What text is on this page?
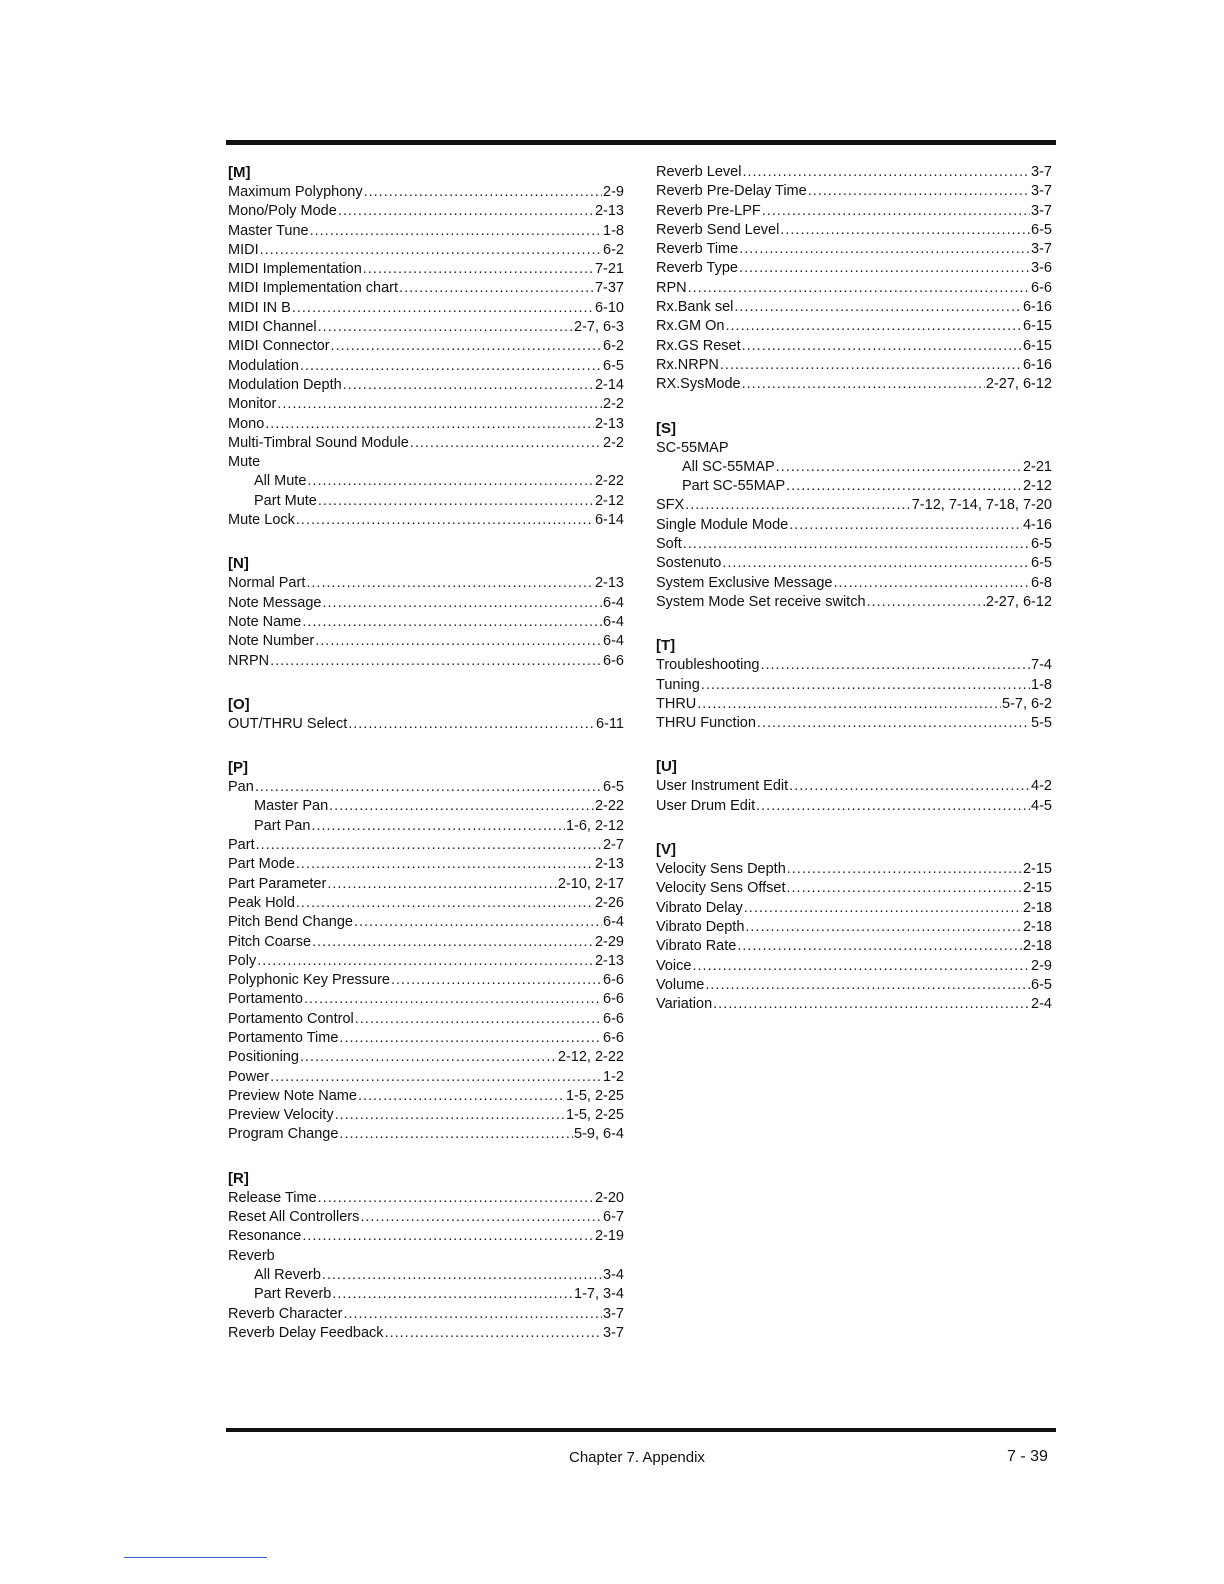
[M]
Maximum Polyphony .....	2-9
Mono/Poly Mode .....	2-13
Master Tune .....	1-8
MIDI .....	6-2
MIDI Implementation .....	7-21
MIDI Implementation chart .....	7-37
MIDI IN B .....	6-10
MIDI Channel .....	2-7, 6-3
MIDI Connector .....	6-2
Modulation .....	6-5
Modulation Depth .....	2-14
Monitor .....	2-2
Mono .....	2-13
Multi-Timbral Sound Module .....	2-2
Mute
All Mute .....	2-22
Part Mute .....	2-12
Mute Lock .....	6-14
[N]
Normal Part .....	2-13
Note Message .....	6-4
Note Name .....	6-4
Note Number .....	6-4
NRPN .....	6-6
[O]
OUT/THRU Select .....	6-11
[P]
Pan .....	6-5
Master Pan .....	2-22
Part Pan .....	1-6, 2-12
Part .....	2-7
Part Mode .....	2-13
Part Parameter .....	2-10, 2-17
Peak Hold .....	2-26
Pitch Bend Change .....	6-4
Pitch Coarse .....	2-29
Poly .....	2-13
Polyphonic Key Pressure .....	6-6
Portamento .....	6-6
Portamento Control .....	6-6
Portamento Time .....	6-6
Positioning .....	2-12, 2-22
Power .....	1-2
Preview Note Name .....	1-5, 2-25
Preview Velocity .....	1-5, 2-25
Program Change .....	5-9, 6-4
[R]
Release Time .....	2-20
Reset All Controllers .....	6-7
Resonance .....	2-19
Reverb
All Reverb .....	3-4
Part Reverb .....	1-7, 3-4
Reverb Character .....	3-7
Reverb Delay Feedback .....	3-7
Reverb Level .....	3-7
Reverb Pre-Delay Time .....	3-7
Reverb Pre-LPF .....	3-7
Reverb Send Level .....	6-5
Reverb Time .....	3-7
Reverb Type .....	3-6
RPN .....	6-6
Rx.Bank sel .....	6-16
Rx.GM On .....	6-15
Rx.GS Reset .....	6-15
Rx.NRPN .....	6-16
RX.SysMode .....	2-27, 6-12
[S]
SC-55MAP
All SC-55MAP .....	2-21
Part SC-55MAP .....	2-12
SFX .....	7-12, 7-14, 7-18, 7-20
Single Module Mode .....	4-16
Soft .....	6-5
Sostenuto .....	6-5
System Exclusive Message .....	6-8
System Mode Set receive switch .....	2-27, 6-12
[T]
Troubleshooting .....	7-4
Tuning .....	1-8
THRU .....	5-7, 6-2
THRU Function .....	5-5
[U]
User Instrument Edit .....	4-2
User Drum Edit .....	4-5
[V]
Velocity Sens Depth .....	2-15
Velocity Sens Offset .....	2-15
Vibrato Delay .....	2-18
Vibrato Depth .....	2-18
Vibrato Rate .....	2-18
Voice .....	2-9
Volume .....	6-5
Variation .....	2-4
Chapter 7. Appendix	7 - 39
